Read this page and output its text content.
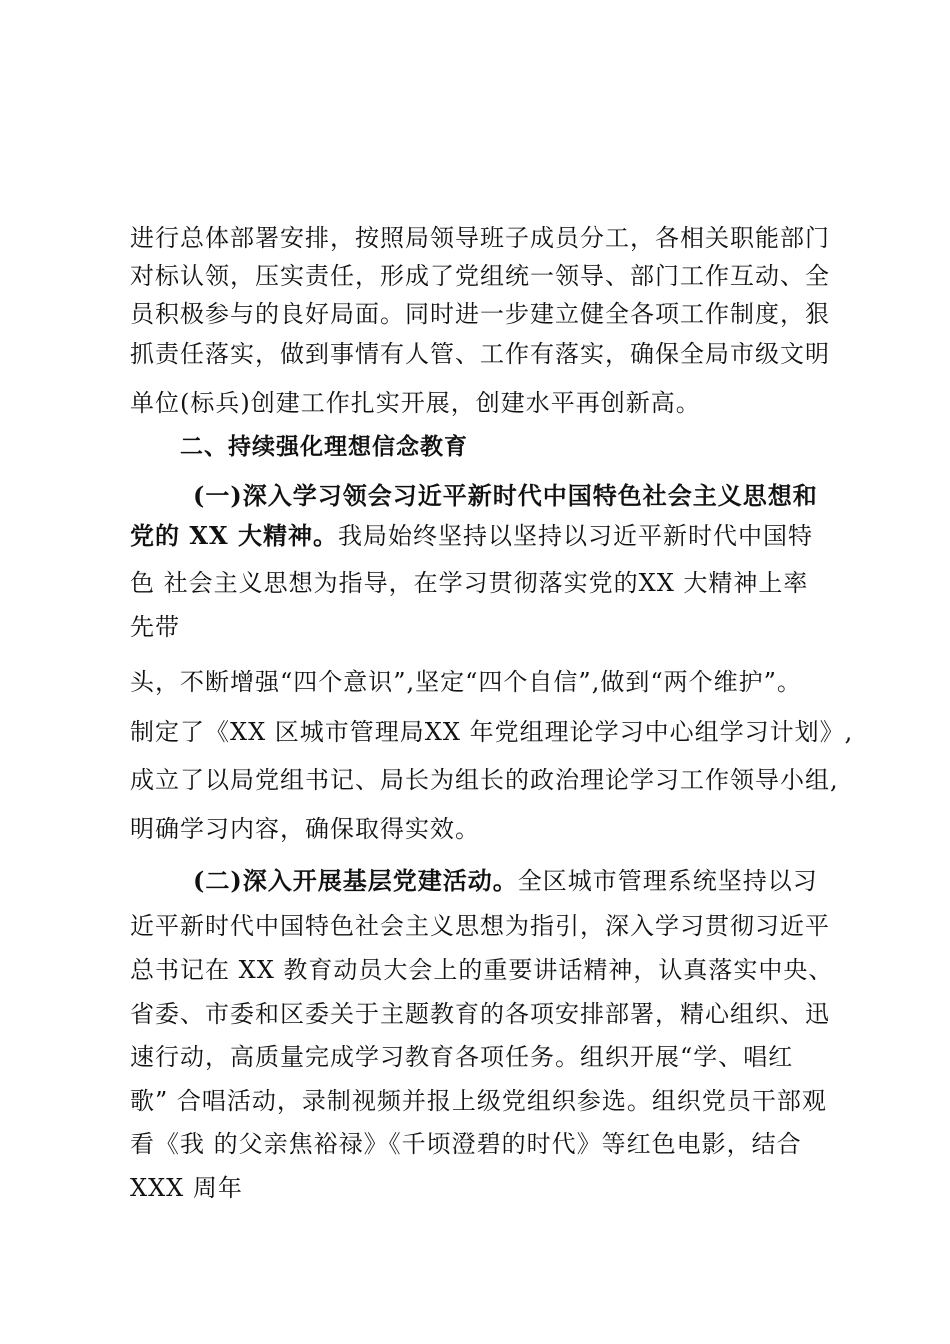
进行总体部署安排，按照局领导班子成员分工，各相关职能部门
对标认领，压实责任，形成了党组统一领导、部门工作互动、全
员积极参与的良好局面。同时进一步建立健全各项工作制度，狠
抓责任落实，做到事情有人管、工作有落实，确保全局市级文明
单位(标兵)创建工作扎实开展，创建水平再创新高。
二、持续强化理想信念教育
(一)深入学习领会习近平新时代中国特色社会主义思想和
党的 XX 大精神。我局始终坚持以坚持以习近平新时代中国特
色 社会主义思想为指导，在学习贯彻落实党的XX 大精神上率
先带
头，不断增强“四个意识”,坚定“四个自信”,做到“两个维护”。
制定了《XX 区城市管理局XX 年党组理论学习中心组学习计划》,
成立了以局党组书记、局长为组长的政治理论学习工作领导小组,
明确学习内容，确保取得实效。
(二)深入开展基层党建活动。全区城市管理系统坚持以习
近平新时代中国特色社会主义思想为指引，深入学习贯彻习近平
总书记在 XX 教育动员大会上的重要讲话精神，认真落实中央、
省委、市委和区委关于主题教育的各项安排部署，精心组织、迅
速行动，高质量完成学习教育各项任务。组织开展“学、唱红
歌” 合唱活动，录制视频并报上级党组织参选。组织党员干部观
看《我 的父亲焦裕禄》《千顷澄碧的时代》等红色电影，结合
XXX 周年
